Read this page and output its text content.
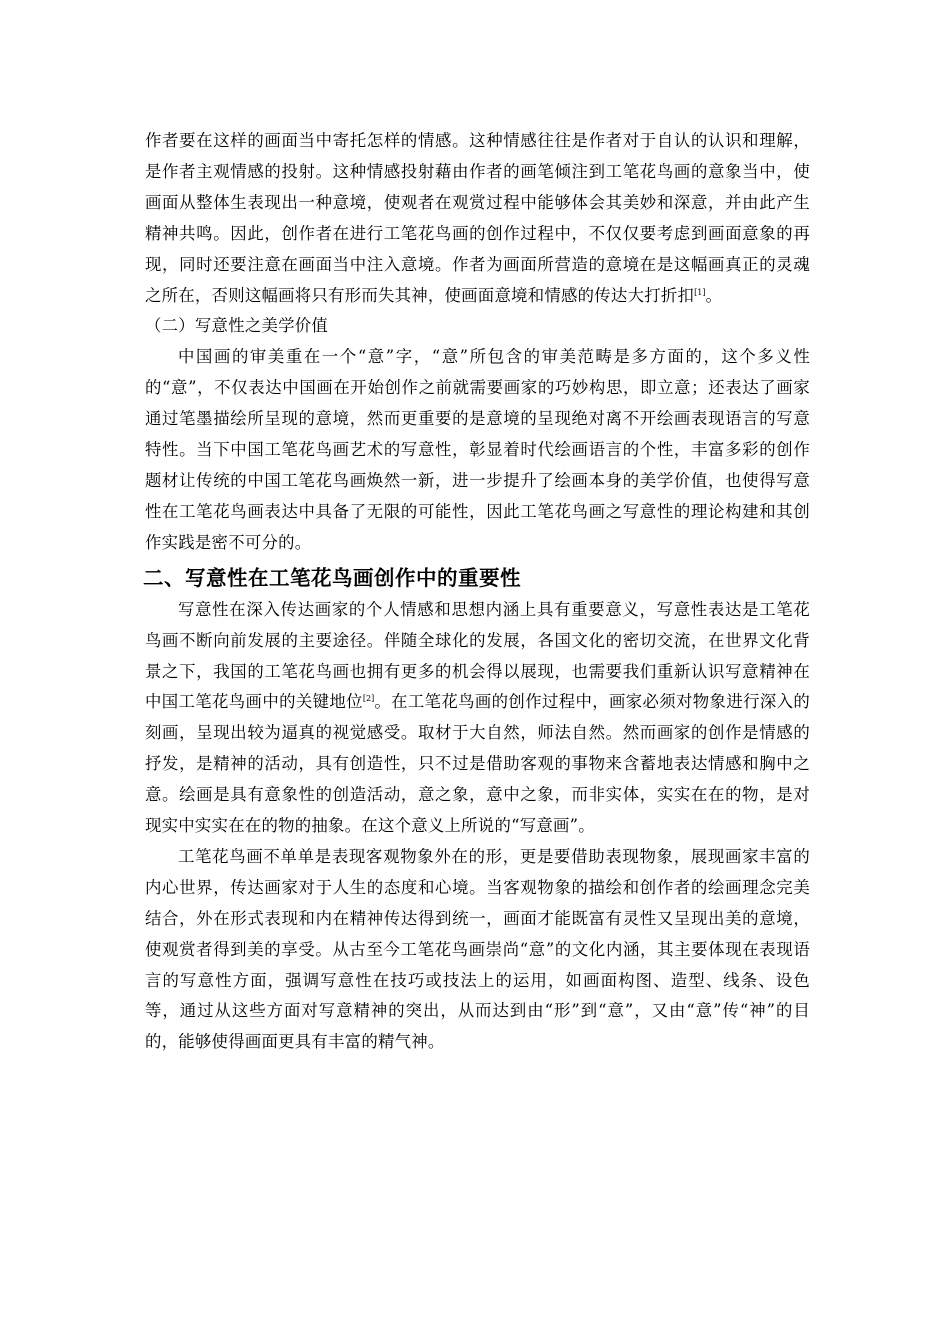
作者要在这样的画面当中寄托怎样的情感。这种情感往往是作者对于自认的认识和理解，是作者主观情感的投射。这种情感投射藉由作者的画笔倾注到工笔花鸟画的意象当中，使画面从整体生表现出一种意境，使观者在观赏过程中能够体会其美妙和深意，并由此产生精神共鸣。因此，创作者在进行工笔花鸟画的创作过程中，不仅仅要考虑到画面意象的再现，同时还要注意在画面当中注入意境。作者为画面所营造的意境在是这幅画真正的灵魂之所在，否则这幅画将只有形而失其神，使画面意境和情感的传达大打折扣[1]。

（二）写意性之美学价值

中国画的审美重在一个“意”字，“意”所包含的审美范畴是多方面的，这个多义性的“意”，不仅表达中国画在开始创作之前就需要画家的巧妙构思，即立意；还表达了画家通过笔墨描绘所呈现的意境，然而更重要的是意境的呈现绝对离不开绘画表现语言的写意特性。当下中国工笔花鸟画艺术的写意性，彰显着时代绘画语言的个性，丰富多彩的创作题材让传统的中国工笔花鸟画焕然一新，进一步提升了绘画本身的美学价值，也使得写意性在工笔花鸟画表达中具备了无限的可能性，因此工笔花鸟画之写意性的理论构建和其创作实践是密不可分的。

二、写意性在工笔花鸟画创作中的重要性

写意性在深入传达画家的个人情感和思想内涵上具有重要意义，写意性表达是工笔花鸟画不断向前发展的主要途径。伴随全球化的发展，各国文化的密切交流，在世界文化背景之下，我国的工笔花鸟画也拥有更多的机会得以展现，也需要我们重新认识写意精神在中国工笔花鸟画中的关键地位[2]。在工笔花鸟画的创作过程中，画家必须对物象进行深入的刻画，呈现出较为逼真的视觉感受。取材于大自然，师法自然。然而画家的创作是情感的抒发，是精神的活动，具有创造性，只不过是借助客观的事物来含蓄地表达情感和胸中之意。绘画是具有意象性的创造活动，意之象，意中之象，而非实体，实实在在的物，是对现实中实实在在的物的抽象。在这个意义上所说的“写意画”。

工笔花鸟画不单单是表现客观物象外在的形，更是要借助表现物象，展现画家丰富的内心世界，传达画家对于人生的态度和心境。当客观物象的描绘和创作者的绘画理念完美结合，外在形式表现和内在精神传达得到统一，画面才能既富有灵性又呈现出美的意境，使观赏者得到美的享受。从古至今工笔花鸟画崇尚“意”的文化内涵，其主要体现在表现语言的写意性方面，强调写意性在技巧或技法上的运用，如画面构图、造型、线条、设色等，通过从这些方面对写意精神的突出，从而达到由“形”到“意”，又由“意”传“神”的目的，能够使得画面更具有丰富的精气神。
